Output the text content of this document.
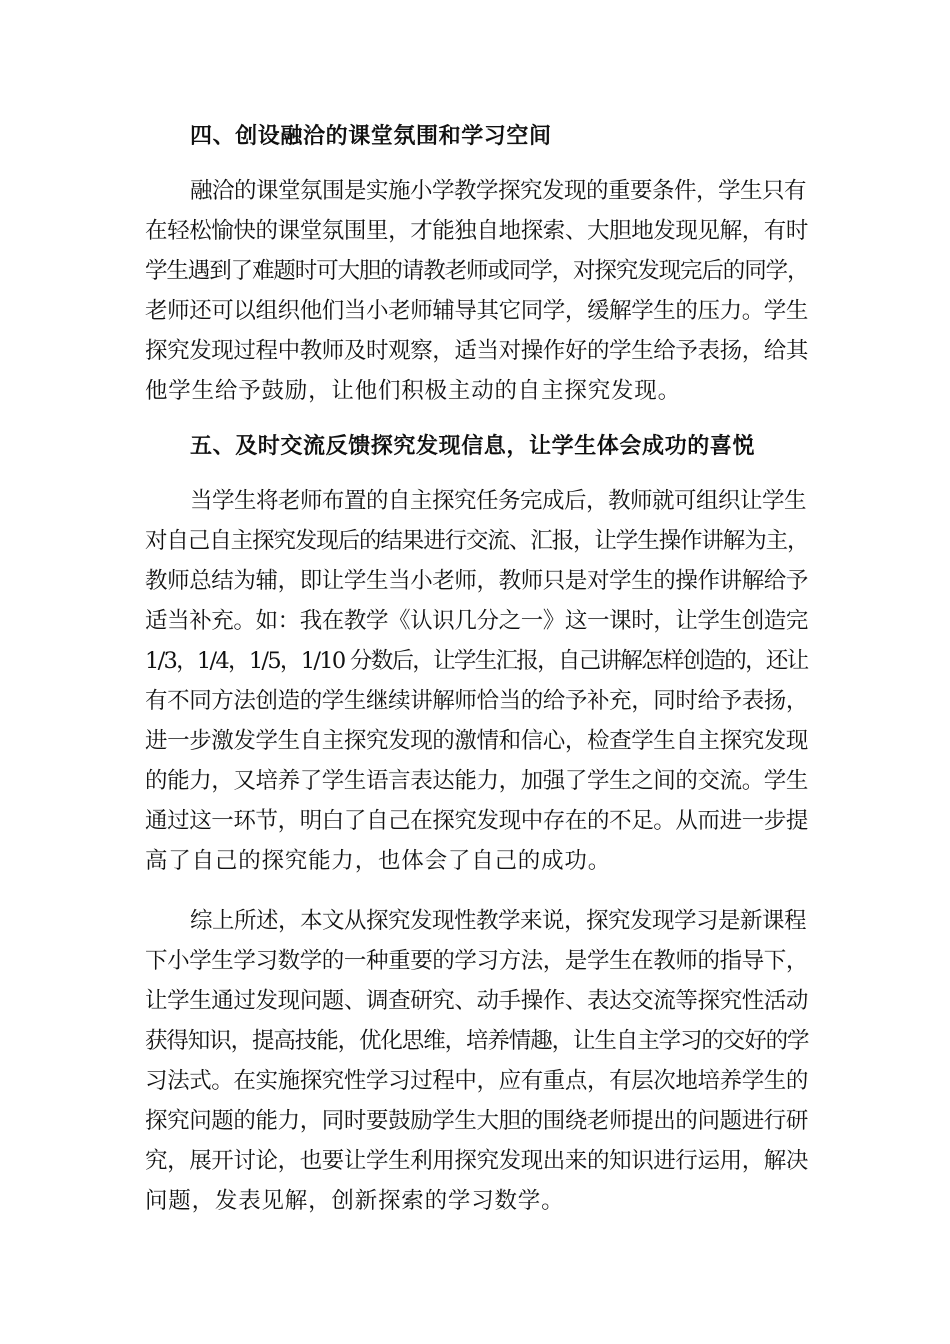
四、创设融洽的课堂氛围和学习空间
融洽的课堂氛围是实施小学教学探究发现的重要条件，学生只有
在轻松愉快的课堂氛围里，才能独自地探索、大胆地发现见解，有时
学生遇到了难题时可大胆的请教老师或同学，对探究发现完后的同学，
老师还可以组织他们当小老师辅导其它同学，缓解学生的压力。学生
探究发现过程中教师及时观察，适当对操作好的学生给予表扬，给其
他学生给予鼓励，让他们积极主动的自主探究发现。
五、及时交流反馈探究发现信息，让学生体会成功的喜悦
当学生将老师布置的自主探究任务完成后，教师就可组织让学生
对自己自主探究发现后的结果进行交流、汇报，让学生操作讲解为主，
教师总结为辅，即让学生当小老师，教师只是对学生的操作讲解给予
适当补充。如：我在教学《认识几分之一》这一课时，让学生创造完
1/3，1/4，1/5，1/10 分数后，让学生汇报，自己讲解怎样创造的，还让
有不同方法创造的学生继续讲解师恰当的给予补充，同时给予表扬，
进一步激发学生自主探究发现的激情和信心，检查学生自主探究发现
的能力，又培养了学生语言表达能力，加强了学生之间的交流。学生
通过这一环节，明白了自己在探究发现中存在的不足。从而进一步提
高了自己的探究能力，也体会了自己的成功。
综上所述，本文从探究发现性教学来说，探究发现学习是新课程
下小学生学习数学的一种重要的学习方法，是学生在教师的指导下，
让学生通过发现问题、调查研究、动手操作、表达交流等探究性活动
获得知识，提高技能，优化思维，培养情趣，让生自主学习的交好的学
习法式。在实施探究性学习过程中，应有重点，有层次地培养学生的
探究问题的能力，同时要鼓励学生大胆的围绕老师提出的问题进行研
究，展开讨论，也要让学生利用探究发现出来的知识进行运用，解决
问题，发表见解，创新探索的学习数学。
